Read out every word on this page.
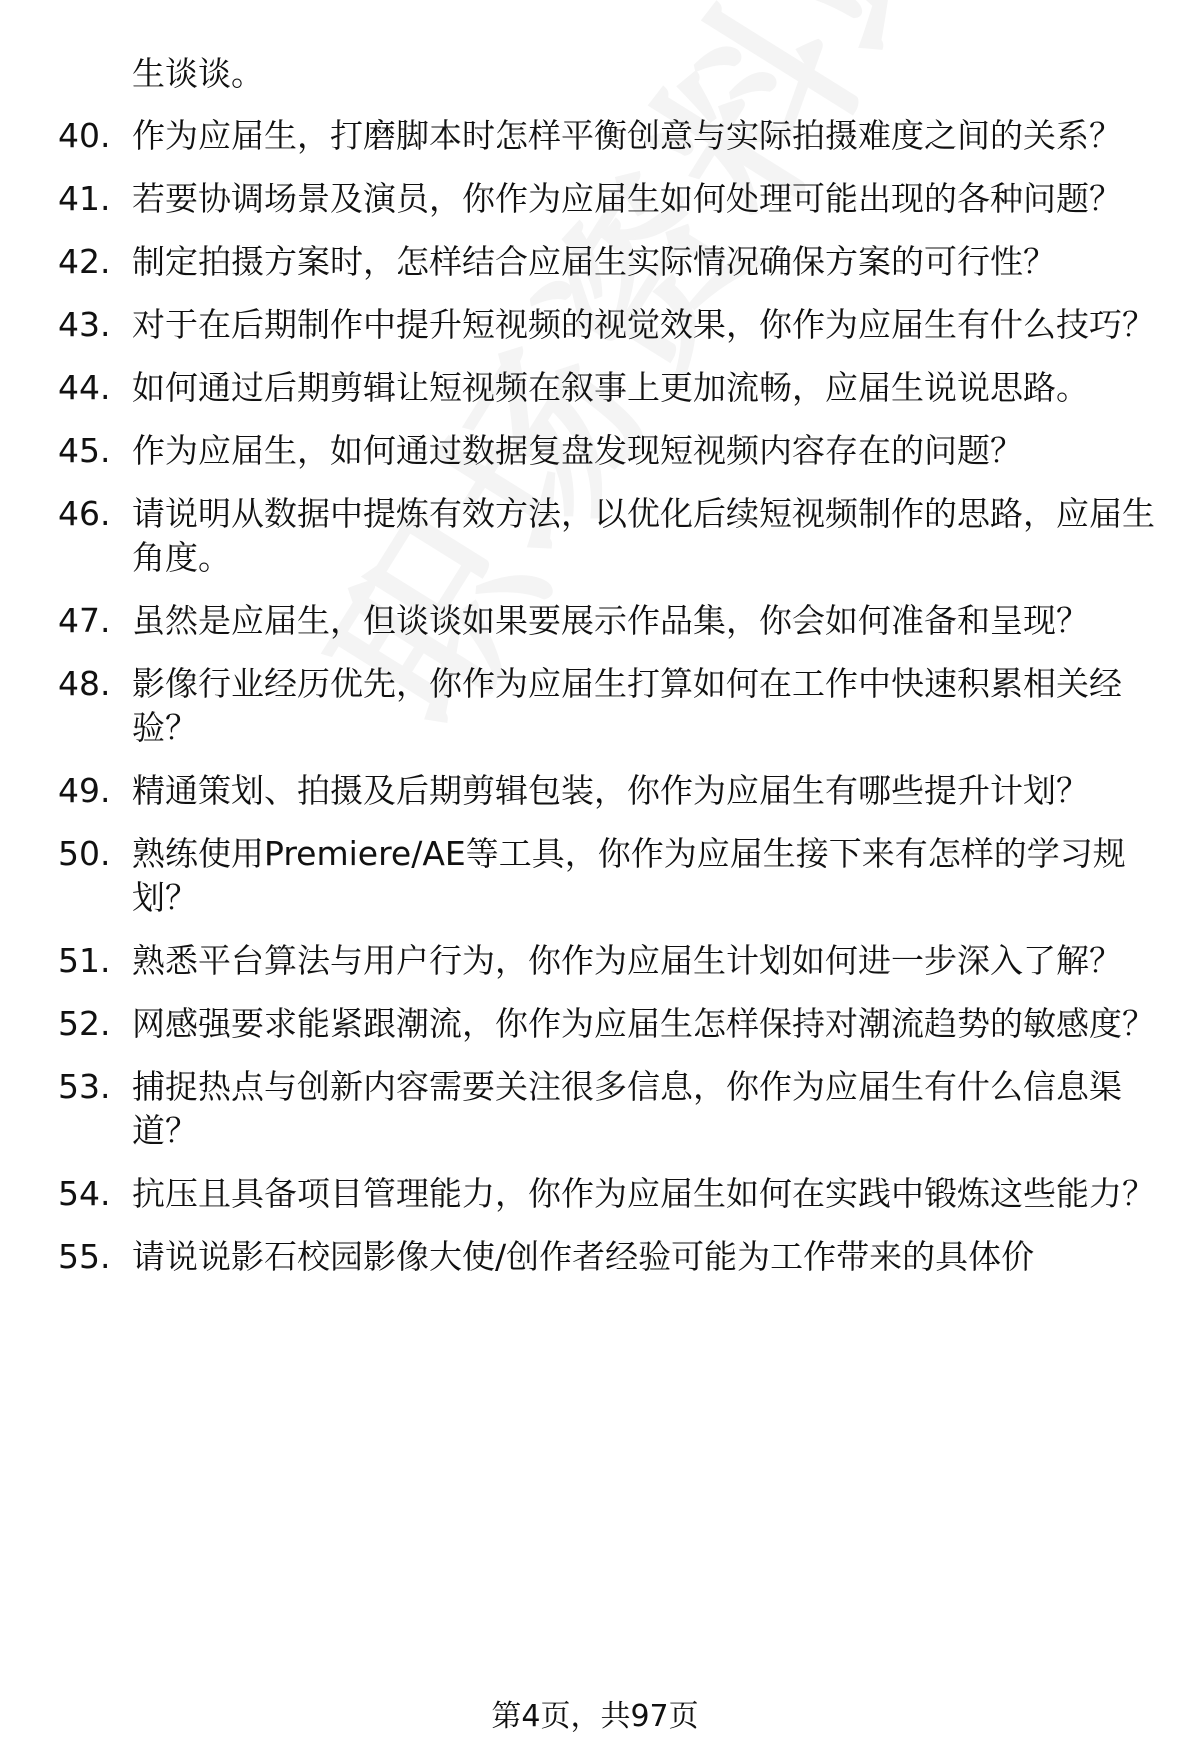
生谈谈。

40. 作为应届生，打磨脚本时怎样平衡创意与实际拍摄难度之间的关系？
41. 若要协调场景及演员，你作为应届生如何处理可能出现的各种问题？
42. 制定拍摄方案时，怎样结合应届生实际情况确保方案的可行性？
43. 对于在后期制作中提升短视频的视觉效果，你作为应届生有什么技巧？
44. 如何通过后期剪辑让短视频在叙事上更加流畅，应届生说说思路。
45. 作为应届生，如何通过数据复盘发现短视频内容存在的问题？
46. 请说明从数据中提炼有效方法，以优化后续短视频制作的思路，应届生角度。
47. 虽然是应届生，但谈谈如果要展示作品集，你会如何准备和呈现？
48. 影像行业经历优先，你作为应届生打算如何在工作中快速积累相关经验？
49. 精通策划、拍摄及后期剪辑包装，你作为应届生有哪些提升计划？
50. 熟练使用Premiere/AE等工具，你作为应届生接下来有怎样的学习规划？
51. 熟悉平台算法与用户行为，你作为应届生计划如何进一步深入了解？
52. 网感强要求能紧跟潮流，你作为应届生怎样保持对潮流趋势的敏感度？
53. 捕捉热点与创新内容需要关注很多信息，你作为应届生有什么信息渠道？
54. 抗压且具备项目管理能力，你作为应届生如何在实践中锻炼这些能力？
55. 请说说影石校园影像大使/创作者经验可能为工作带来的具体价
第4页，共97页
